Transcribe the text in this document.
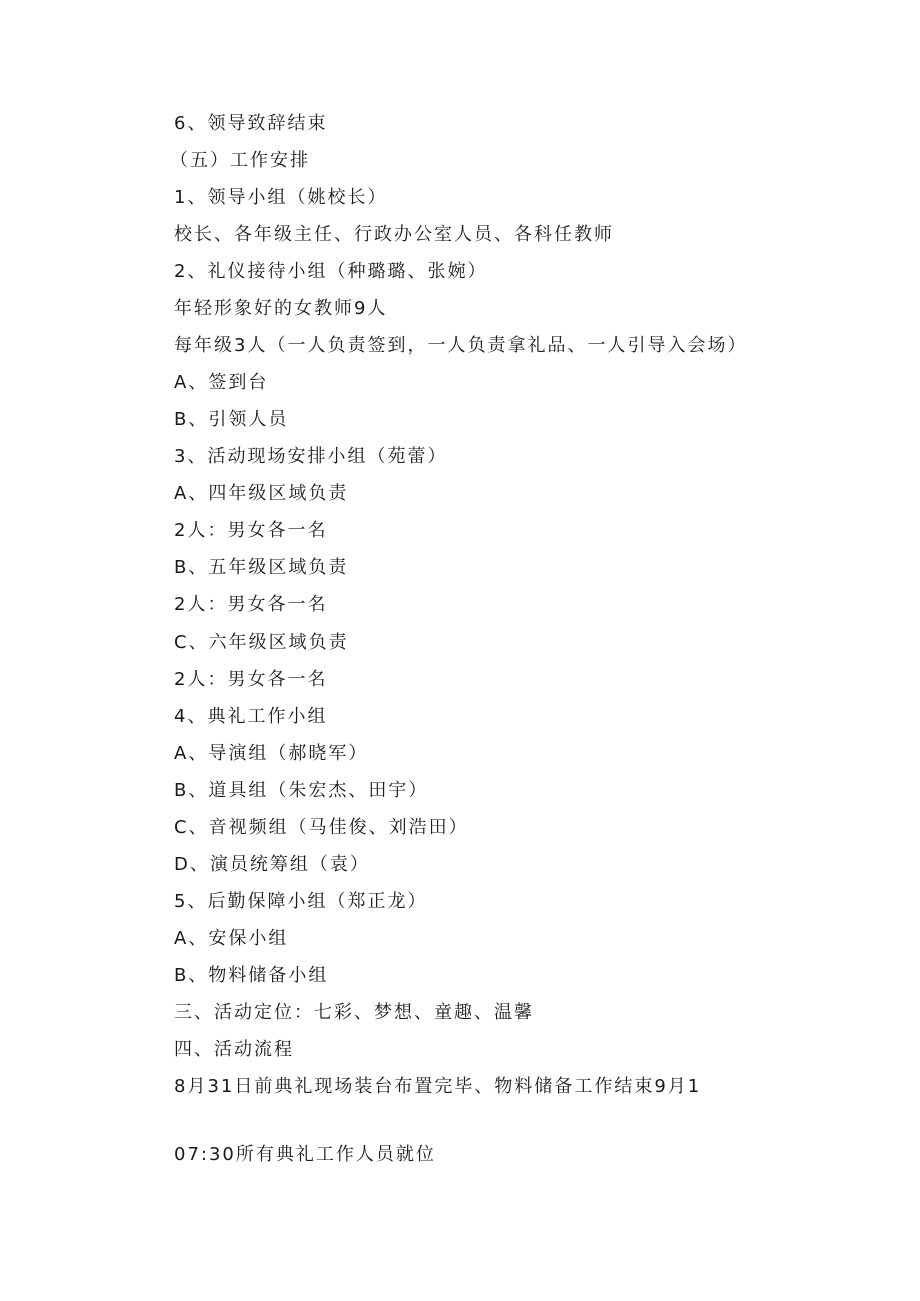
6、领导致辞结束
（五）工作安排
1、领导小组（姚校长）
校长、各年级主任、行政办公室人员、各科任教师
2、礼仪接待小组（种璐璐、张婉）
年轻形象好的女教师9人
每年级3人（一人负责签到，一人负责拿礼品、一人引导入会场）
A、签到台
B、引领人员
3、活动现场安排小组（苑蕾）
A、四年级区域负责
2人：男女各一名
B、五年级区域负责
2人：男女各一名
C、六年级区域负责
2人：男女各一名
4、典礼工作小组
A、导演组（郝晓军）
B、道具组（朱宏杰、田宇）
C、音视频组（马佳俊、刘浩田）
D、演员统筹组（袁）
5、后勤保障小组（郑正龙）
A、安保小组
B、物料储备小组
三、活动定位：七彩、梦想、童趣、温馨
四、活动流程
8月31日前典礼现场装台布置完毕、物料储备工作结束9月1
07:30所有典礼工作人员就位
